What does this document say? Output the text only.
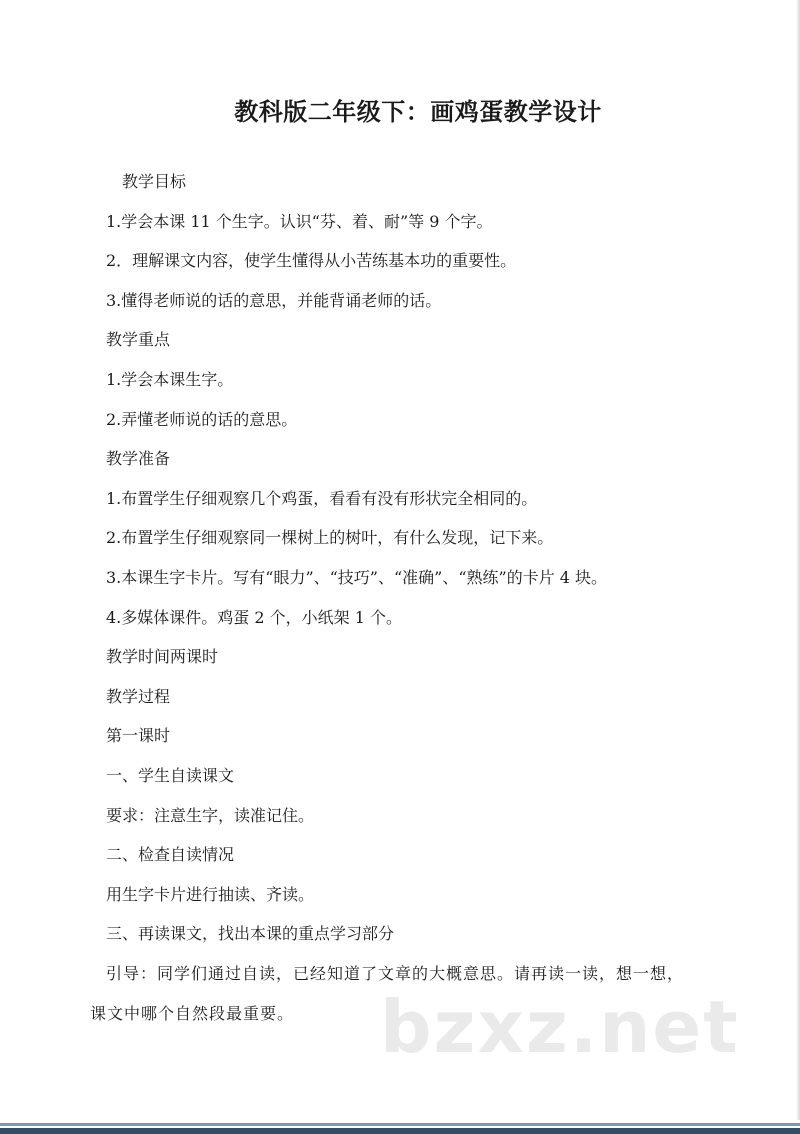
教科版二年级下：画鸡蛋教学设计
教学目标
1.学会本课 11 个生字。认识“芬、着、耐”等 9 个字。
2．理解课文内容，使学生懂得从小苦练基本功的重要性。
3.懂得老师说的话的意思，并能背诵老师的话。
教学重点
1.学会本课生字。
2.弄懂老师说的话的意思。
教学准备
1.布置学生仔细观察几个鸡蛋，看看有没有形状完全相同的。
2.布置学生仔细观察同一棵树上的树叶，有什么发现，记下来。
3.本课生字卡片。写有“眼力”、“技巧”、“准确”、“熟练”的卡片 4 块。
4.多媒体课件。鸡蛋 2 个，小纸架 1 个。
教学时间两课时
教学过程
第一课时
一、学生自读课文
要求：注意生字，读准记住。
二、检查自读情况
用生字卡片进行抽读、齐读。
三、再读课文，找出本课的重点学习部分
引导：同学们通过自读，已经知道了文章的大概意思。请再读一读，想一想，课文中哪个自然段最重要。	bzxz.net
